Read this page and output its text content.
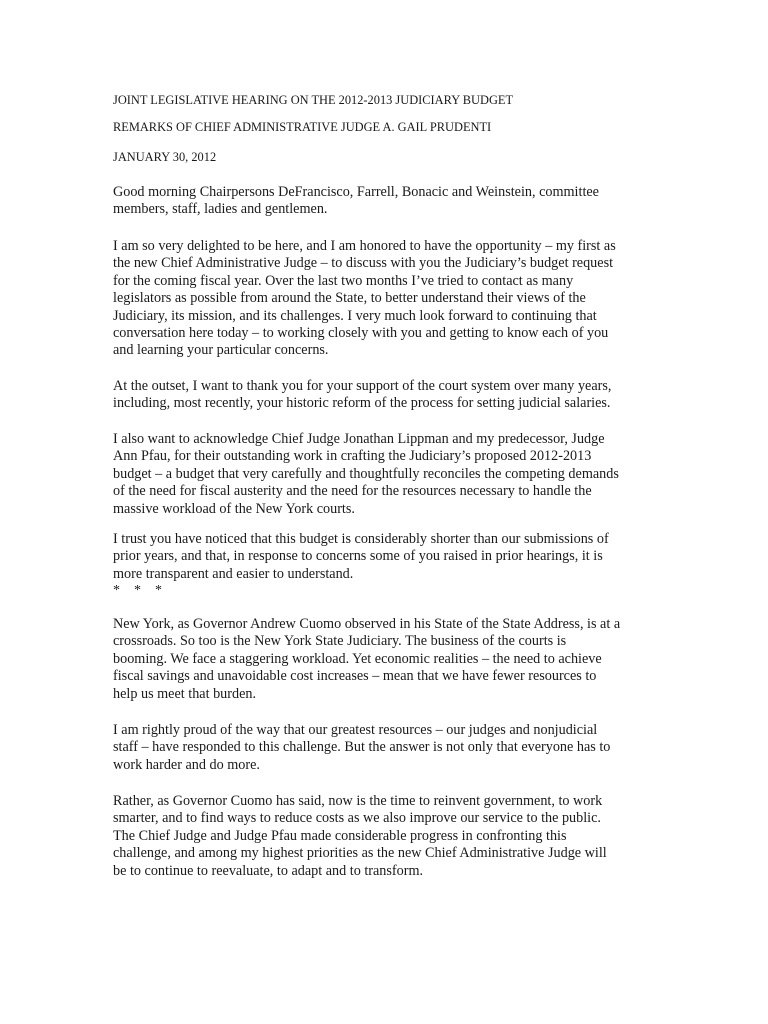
JOINT LEGISLATIVE HEARING ON THE 2012-2013 JUDICIARY BUDGET

REMARKS OF CHIEF ADMINISTRATIVE JUDGE A. GAIL PRUDENTI

JANUARY 30, 2012

Good morning Chairpersons DeFrancisco, Farrell, Bonacic and Weinstein, committee
members, staff, ladies and gentlemen.
I am so very delighted to be here, and I am honored to have the opportunity – my first as
the new Chief Administrative Judge – to discuss with you the Judiciary’s budget request
for the coming fiscal year. Over the last two months I’ve tried to contact as many
legislators as possible from around the State, to better understand their views of the
Judiciary, its mission, and its challenges. I very much look forward to continuing that
conversation here today – to working closely with you and getting to know each of you
and learning your particular concerns.
At the outset, I want to thank you for your support of the court system over many years,
including, most recently, your historic reform of the process for setting judicial salaries.
I also want to acknowledge Chief Judge Jonathan Lippman and my predecessor, Judge
Ann Pfau, for their outstanding work in crafting the Judiciary’s proposed 2012-2013
budget – a budget that very carefully and thoughtfully reconciles the competing demands
of the need for fiscal austerity and the need for the resources necessary to handle the
massive workload of the New York courts.
I trust you have noticed that this budget is considerably shorter than our submissions of
prior years, and that, in response to concerns some of you raised in prior hearings, it is
more transparent and easier to understand.
*    *    *
New York, as Governor Andrew Cuomo observed in his State of the State Address, is at a
crossroads. So too is the New York State Judiciary. The business of the courts is
booming. We face a staggering workload. Yet economic realities – the need to achieve
fiscal savings and unavoidable cost increases – mean that we have fewer resources to
help us meet that burden.
I am rightly proud of the way that our greatest resources – our judges and nonjudicial
staff – have responded to this challenge. But the answer is not only that everyone has to
work harder and do more.
Rather, as Governor Cuomo has said, now is the time to reinvent government, to work
smarter, and to find ways to reduce costs as we also improve our service to the public.
The Chief Judge and Judge Pfau made considerable progress in confronting this
challenge, and among my highest priorities as the new Chief Administrative Judge will
be to continue to reevaluate, to adapt and to transform.
